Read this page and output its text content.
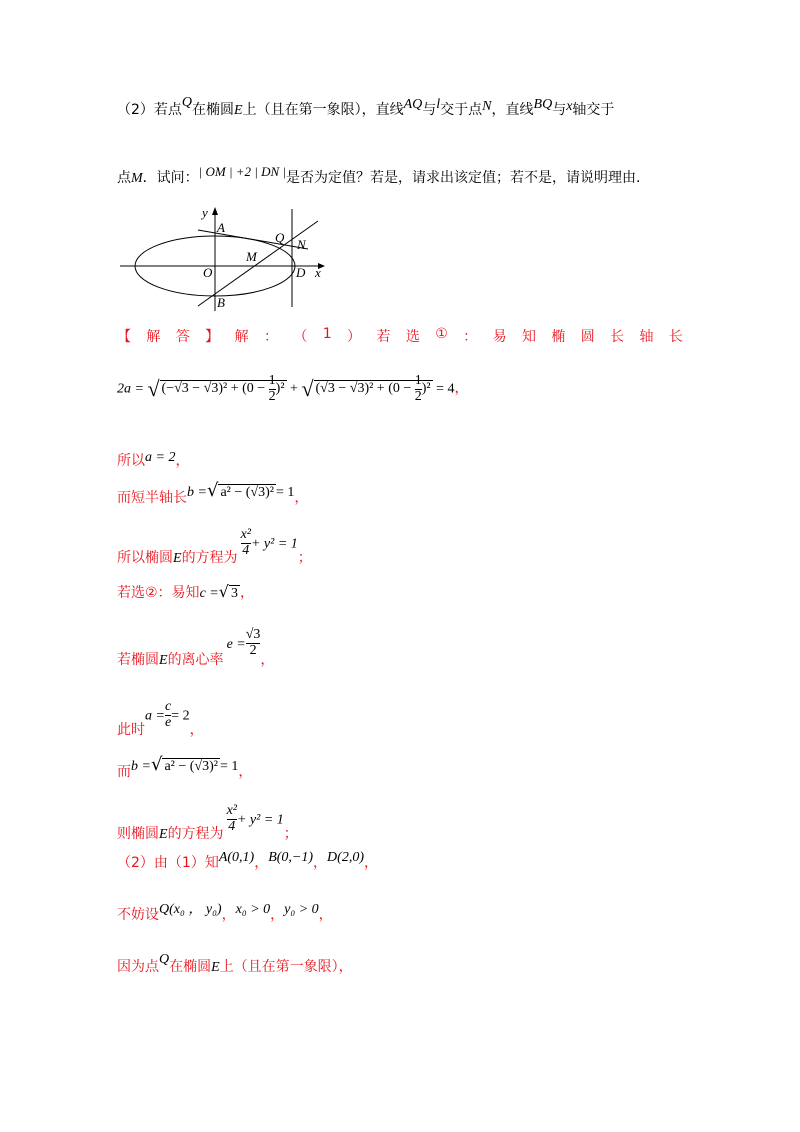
（2）若点Q在椭圆E上（且在第一象限），直线AQ与l交于点N，直线BQ与x轴交于
点M．试问：$^{| OM | +2 | DN |}$是否为定值？若是，请求出该定值；若不是，请说明理由.
y
A
Q N
O
M
D x
B
【 解 答 】 解 ： （ 1 ） 若 选 ① ： 易 知 椭 圆 长 轴 长
2a = √ $(-√3 - √3)^2 + (0 - \frac{1}{2} )^2$ + √ $(√3 - √3)^2 + (0 - \frac{1}{2} )^2 = 4$，
所以a = 2，
而短半轴长b =√ a² − (√3)² = 1，
所以椭圆E的方程为 $\frac{\text{x²}}{4} + y^2 = 1$；
若选②：易知c =√ 3 ，
若椭圆E的离心率$e = \frac{√3}{2}$
，
此时$a = \frac{c}{e} = 2$，
而b =√ a² − (√3)² = 1，
则椭圆E的方程为 $\frac{\text{x²}}{4} + y^2 = 1$；
（2）由（1）知A(0,1)，B(0,−1)，D(2,0)，
不妨设Q(x₀ ， y₀)，x₀ > 0，y₀ > 0，
因为点Q在椭圆E上（且在第一象限），
